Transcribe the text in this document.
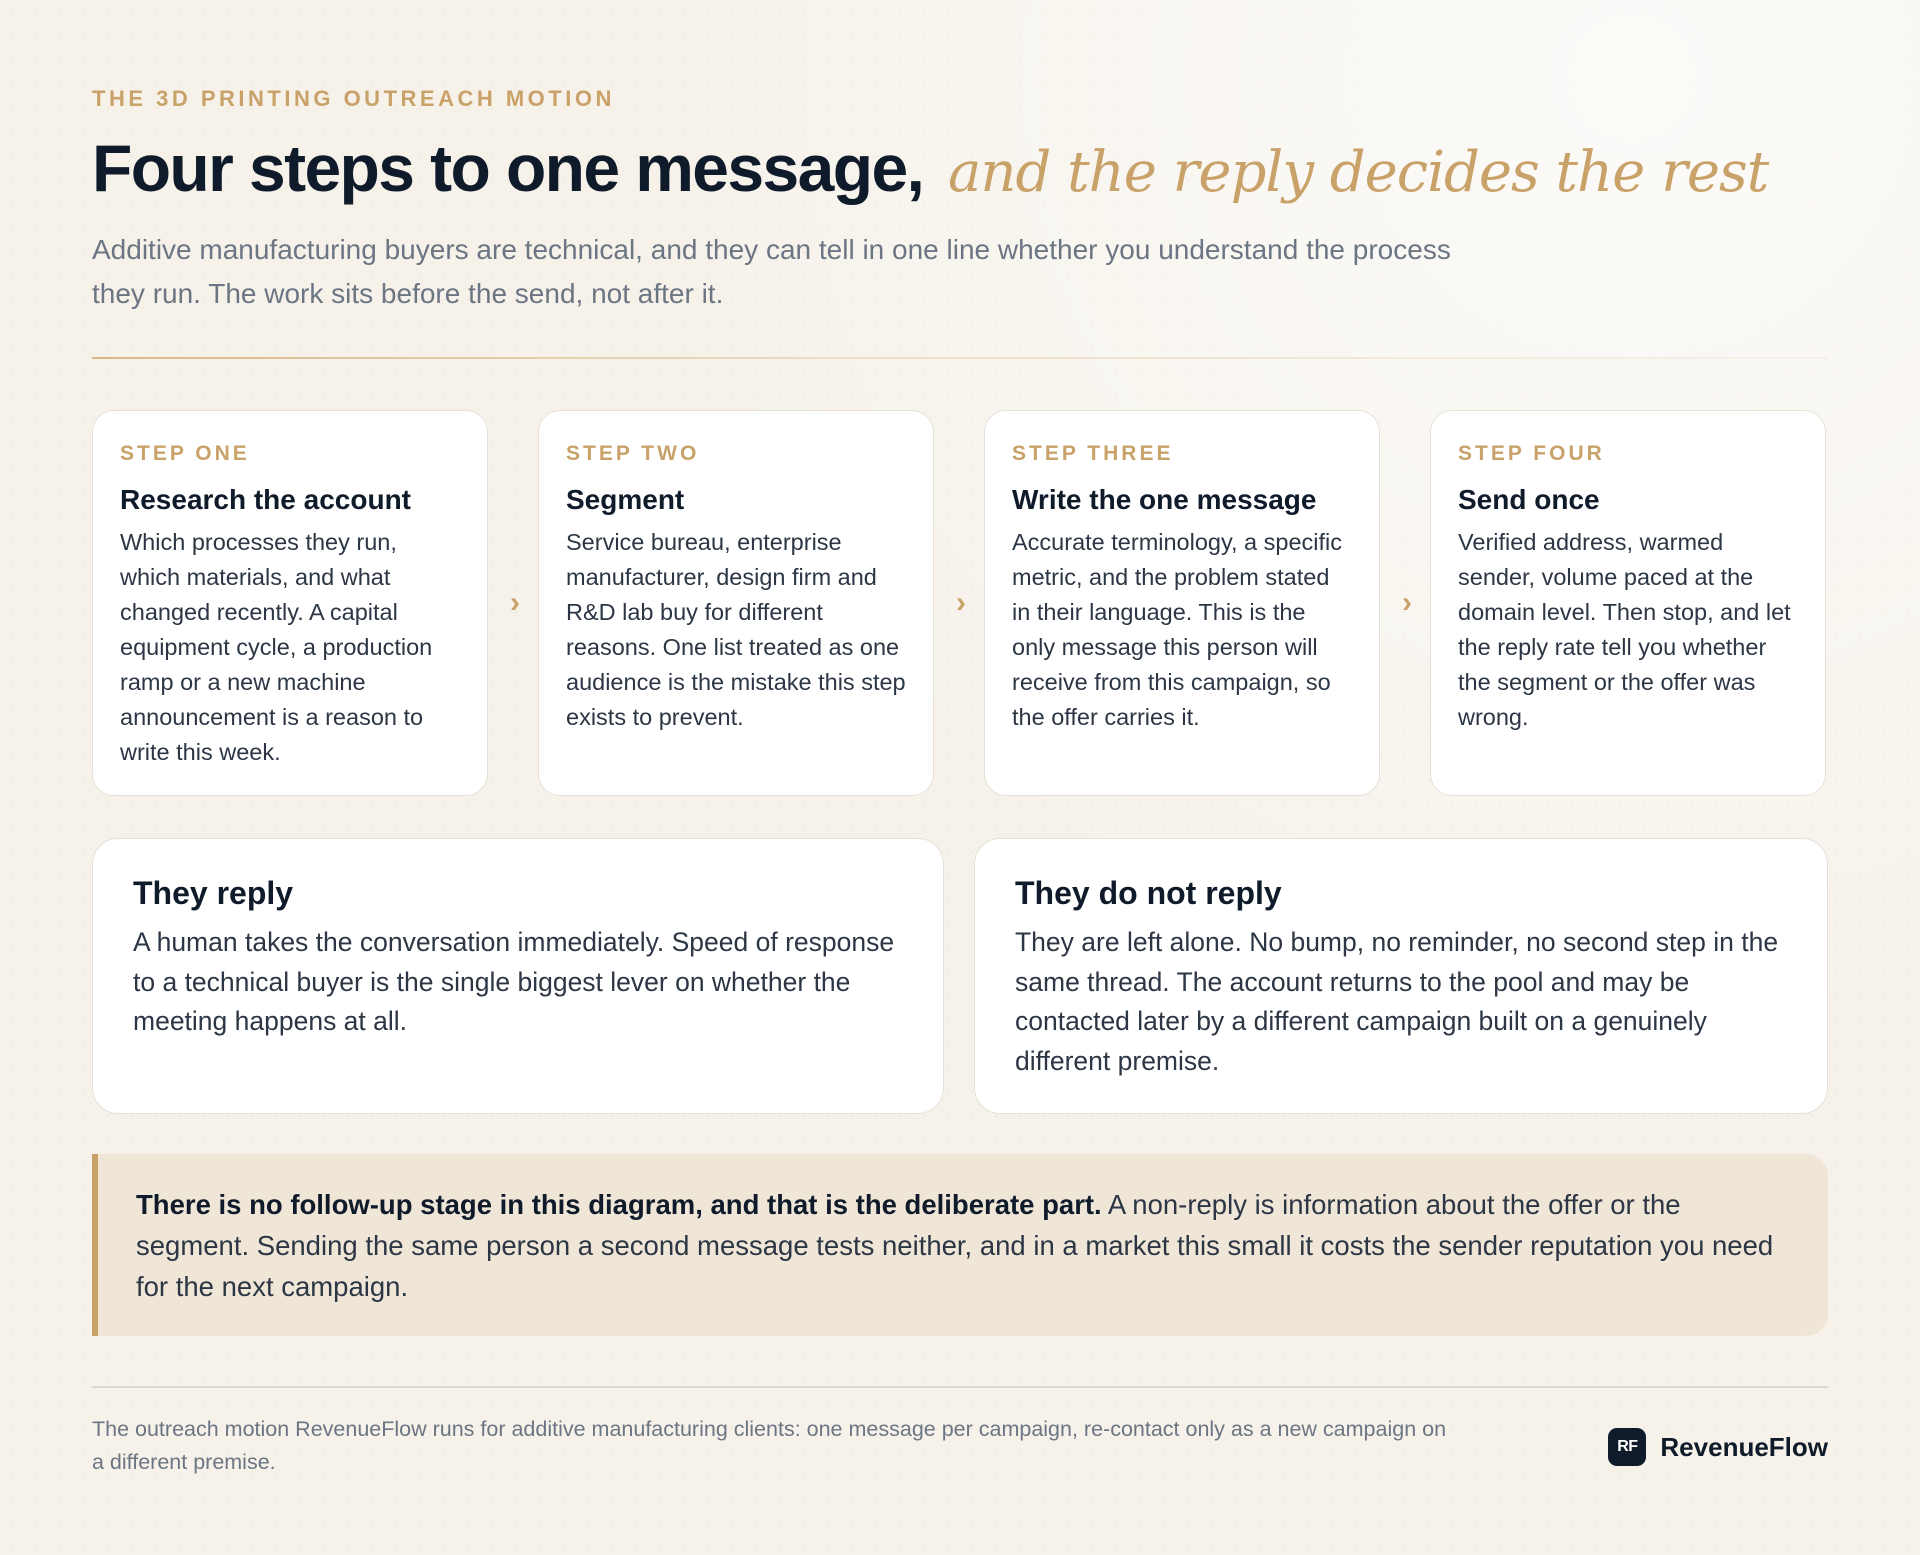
THE 3D PRINTING OUTREACH MOTION
Four steps to one message, and the reply decides the rest

Additive manufacturing buyers are technical, and they can tell in one line whether you understand the process they run. The work sits before the send, not after it.

STEP ONE
Research the account
Which processes they run, which materials, and what changed recently. A capital equipment cycle, a production ramp or a new machine announcement is a reason to write this week.
›
STEP TWO
Segment
Service bureau, enterprise manufacturer, design firm and R&D lab buy for different reasons. One list treated as one audience is the mistake this step exists to prevent.
›
STEP THREE
Write the one message
Accurate terminology, a specific metric, and the problem stated in their language. This is the only message this person will receive from this campaign, so the offer carries it.
›
STEP FOUR
Send once
Verified address, warmed sender, volume paced at the domain level. Then stop, and let the reply rate tell you whether the segment or the offer was wrong.
They reply
A human takes the conversation immediately. Speed of response to a technical buyer is the single biggest lever on whether the meeting happens at all.
They do not reply
They are left alone. No bump, no reminder, no second step in the same thread. The account returns to the pool and may be contacted later by a different campaign built on a genuinely different premise.
There is no follow-up stage in this diagram, and that is the deliberate part. A non-reply is information about the offer or the segment. Sending the same person a second message tests neither, and in a market this small it costs the sender reputation you need for the next campaign.

The outreach motion RevenueFlow runs for additive manufacturing clients: one message per campaign, re-contact only as a new campaign on a different premise.

RF RevenueFlow
